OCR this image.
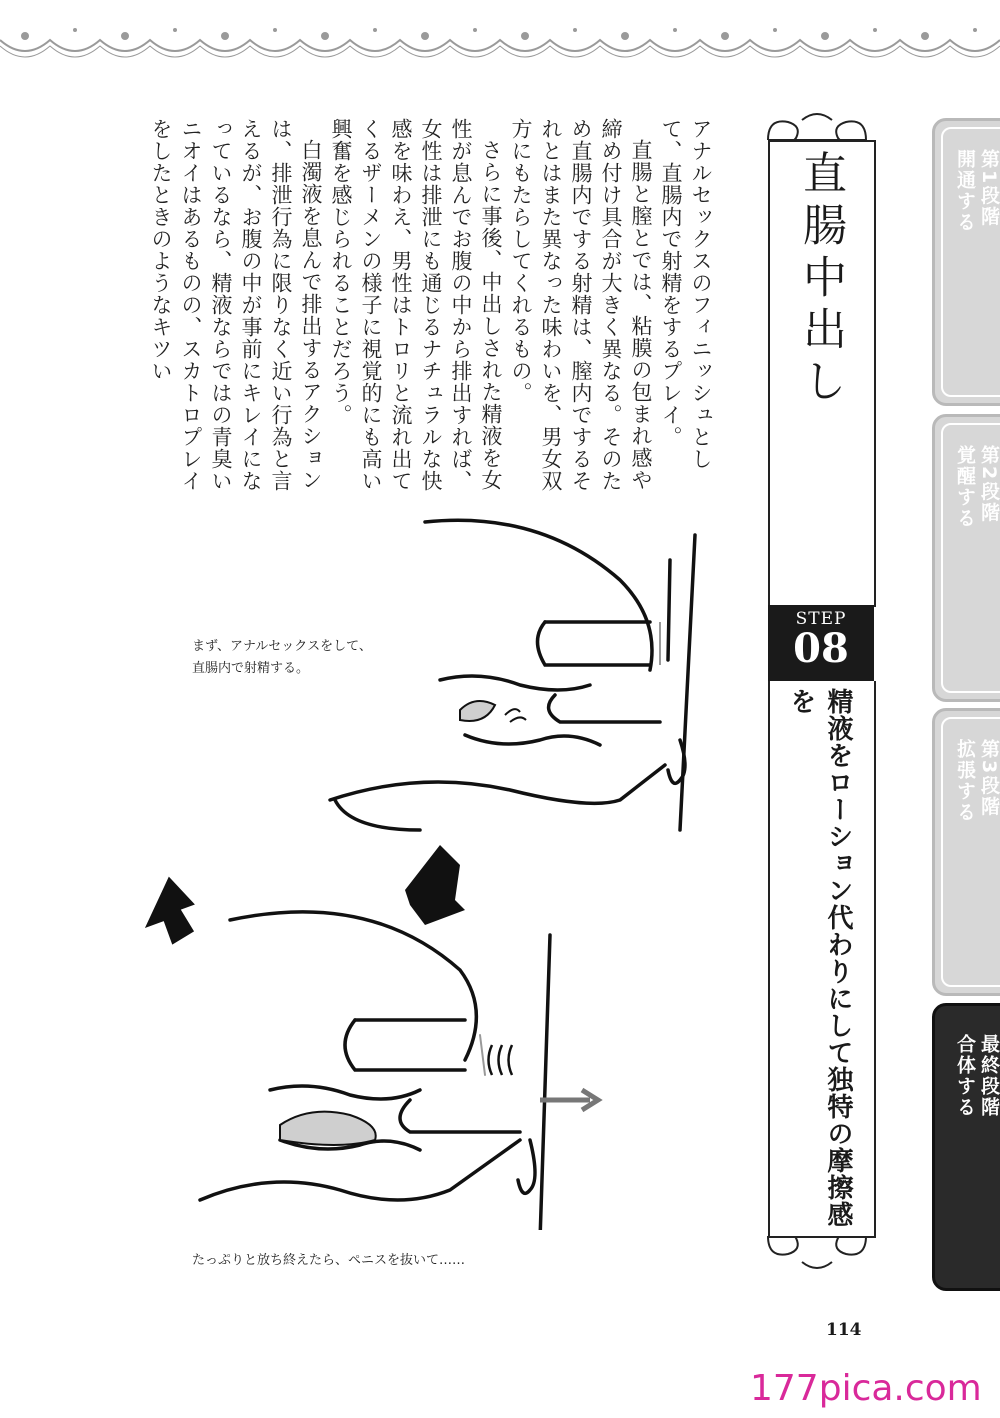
アナルセックスのフィニッシュとして、直腸内で射精をするプレイ。

直腸と膣とでは、粘膜の包まれ感や締め付け具合が大きく異なる。そのため直腸内でする射精は、膣内でするそれとはまた異なった味わいを、男女双方にもたらしてくれるもの。

さらに事後、中出しされた精液を女性が息んでお腹の中から排出すれば、女性は排泄にも通じるナチュラルな快感を味わえ、男性はトロリと流れ出てくるザーメンの様子に視覚的にも高い興奮を感じられることだろう。

白濁液を息んで排出するアクションは、排泄行為に限りなく近い行為と言えるが、お腹の中が事前にキレイになっているなら、精液ならではの青臭いニオイはあるものの、スカトロプレイをしたときのようなキツい	直腸中出し
STEP
08
精液をローション代わりにして独特の摩擦感を
第1段階
開通する
第2段階
覚醒する
第3段階
拡張する
最終段階
合体する
まず、アナルセックスをして、
直腸内で射精する。
たっぷりと放ち終えたら、ペニスを抜いて……
114
177pica.com
